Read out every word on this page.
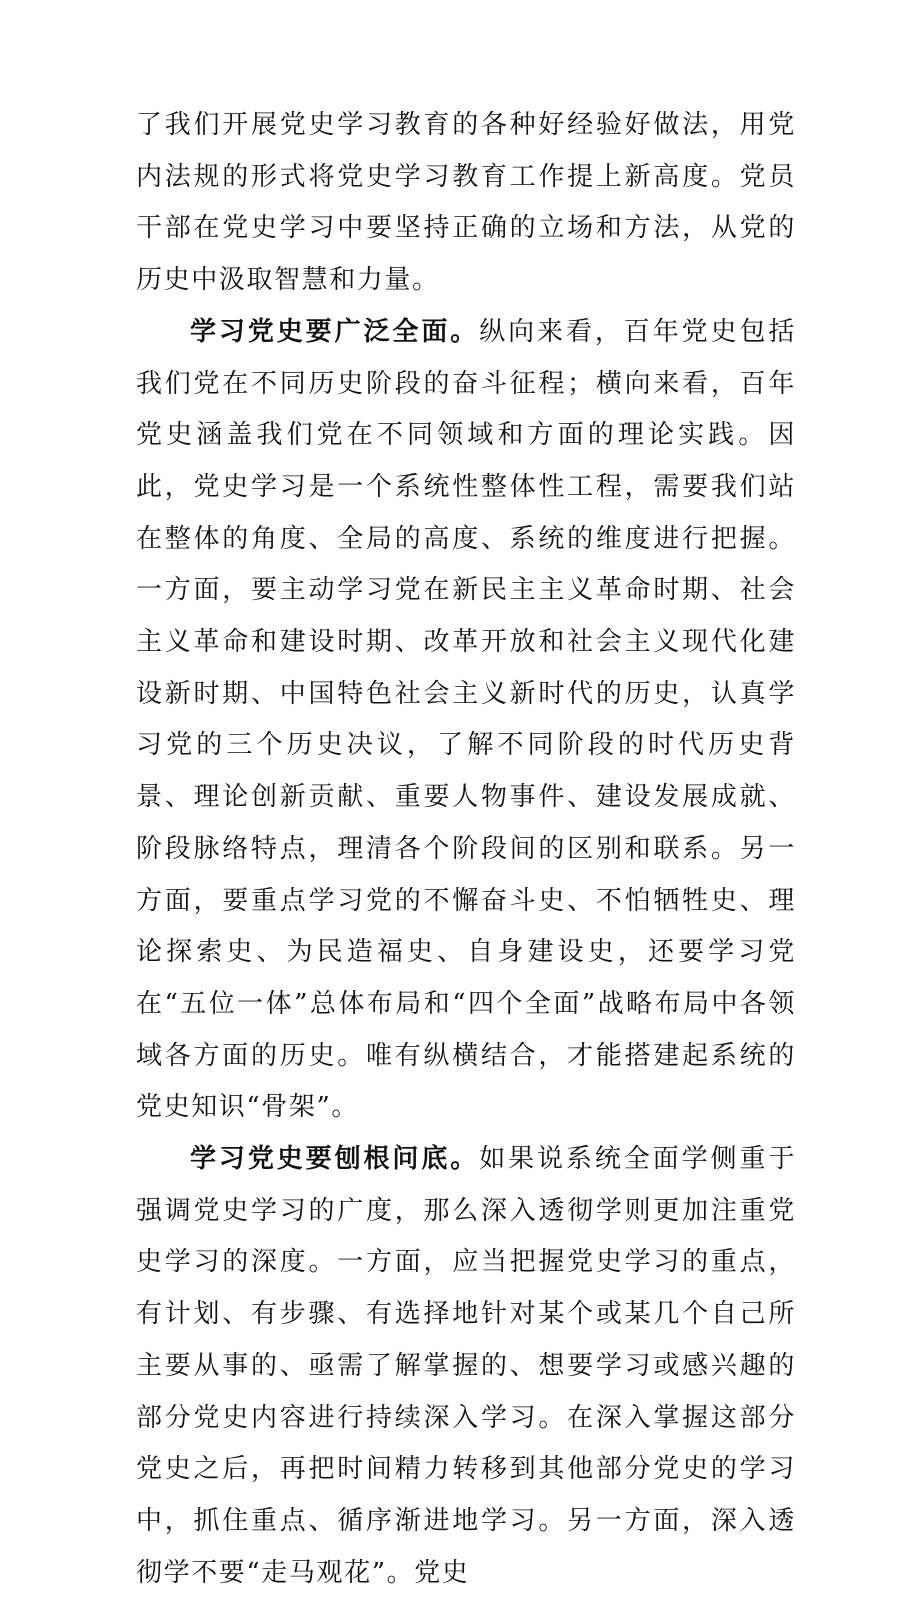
了我们开展党史学习教育的各种好经验好做法，用党内法规的形式将党史学习教育工作提上新高度。党员干部在党史学习中要坚持正确的立场和方法，从党的历史中汲取智慧和力量。

学习党史要广泛全面。纵向来看，百年党史包括我们党在不同历史阶段的奋斗征程；横向来看，百年党史涵盖我们党在不同领域和方面的理论实践。因此，党史学习是一个系统性整体性工程，需要我们站在整体的角度、全局的高度、系统的维度进行把握。一方面，要主动学习党在新民主主义革命时期、社会主义革命和建设时期、改革开放和社会主义现代化建设新时期、中国特色社会主义新时代的历史，认真学习党的三个历史决议，了解不同阶段的时代历史背景、理论创新贡献、重要人物事件、建设发展成就、阶段脉络特点，理清各个阶段间的区别和联系。另一方面，要重点学习党的不懈奋斗史、不怕牺牲史、理论探索史、为民造福史、自身建设史，还要学习党在“五位一体”总体布局和“四个全面”战略布局中各领域各方面的历史。唯有纵横结合，才能搭建起系统的党史知识“骨架”。

学习党史要刨根问底。如果说系统全面学侧重于强调党史学习的广度，那么深入透彻学则更加注重党史学习的深度。一方面，应当把握党史学习的重点，有计划、有步骤、有选择地针对某个或某几个自己所主要从事的、亟需了解掌握的、想要学习或感兴趣的部分党史内容进行持续深入学习。在深入掌握这部分党史之后，再把时间精力转移到其他部分党史的学习中，抓住重点、循序渐进地学习。另一方面，深入透彻学不要“走马观花”。党史
